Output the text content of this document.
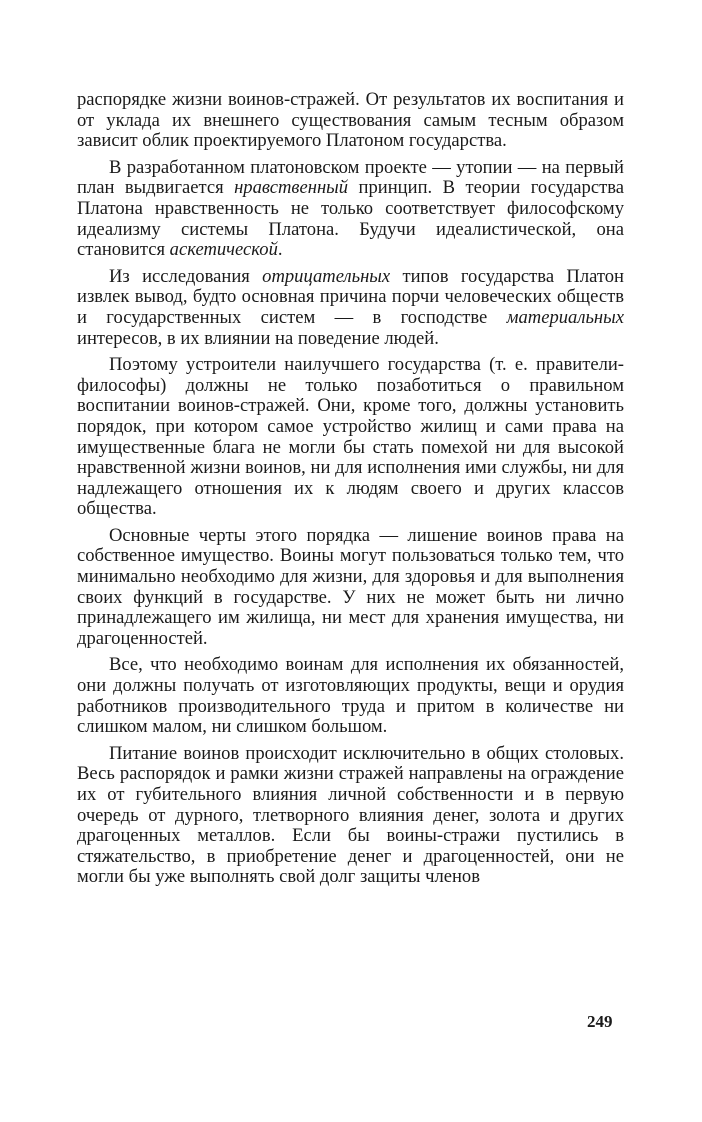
распорядке жизни воинов-стражей. От результатов их воспитания и от уклада их внешнего существования самым тесным образом зависит облик проектируемого Платоном государства.

В разработанном платоновском проекте — утопии — на первый план выдвигается нравственный принцип. В теории государства Платона нравственность не только соответствует философскому идеализму системы Платона. Будучи идеалистической, она становится аскетической.

Из исследования отрицательных типов государства Платон извлек вывод, будто основная причина порчи человеческих обществ и государственных систем — в господстве материальных интересов, в их влиянии на поведение людей.

Поэтому устроители наилучшего государства (т. е. правители-философы) должны не только позаботиться о правильном воспитании воинов-стражей. Они, кроме того, должны установить порядок, при котором самое устройство жилищ и сами права на имущественные блага не могли бы стать помехой ни для высокой нравственной жизни воинов, ни для исполнения ими службы, ни для надлежащего отношения их к людям своего и других классов общества.

Основные черты этого порядка — лишение воинов права на собственное имущество. Воины могут пользоваться только тем, что минимально необходимо для жизни, для здоровья и для выполнения своих функций в государстве. У них не может быть ни лично принадлежащего им жилища, ни мест для хранения имущества, ни драгоценностей.

Все, что необходимо воинам для исполнения их обязанностей, они должны получать от изготовляющих продукты, вещи и орудия работников производительного труда и притом в количестве ни слишком малом, ни слишком большом.

Питание воинов происходит исключительно в общих столовых. Весь распорядок и рамки жизни стражей направлены на ограждение их от губительного влияния личной собственности и в первую очередь от дурного, тлетворного влияния денег, золота и других драгоценных металлов. Если бы воины-стражи пустились в стяжательство, в приобретение денег и драгоценностей, они не могли бы уже выполнять свой долг защиты членов

249
